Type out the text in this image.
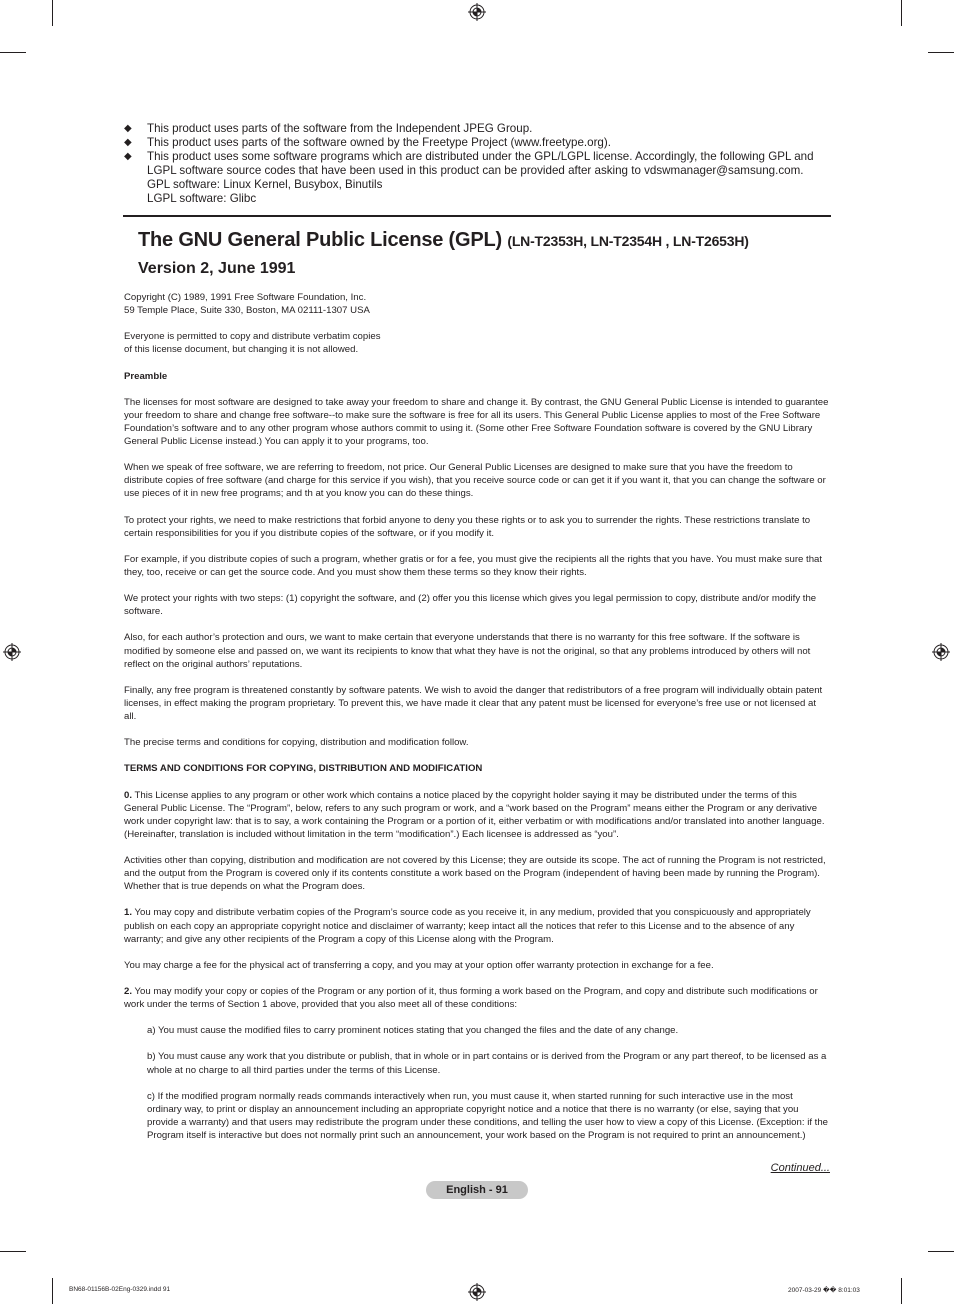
◆ This product uses parts of the software from the Independent JPEG Group.
◆ This product uses parts of the software owned by the Freetype Project (www.freetype.org).
◆ This product uses some software programs which are distributed under the GPL/LGPL license. Accordingly, the following GPL and
LGPL software source codes that have been used in this product can be provided after asking to vdswmanager@samsung.com.
GPL software: Linux Kernel, Busybox, Binutils
LGPL software: Glibc
The GNU General Public License (GPL) (LN-T2353H, LN-T2354H , LN-T2653H)
Version 2, June 1991

Copyright (C) 1989, 1991 Free Software Foundation, Inc.
59 Temple Place, Suite 330, Boston, MA 02111-1307 USA

Everyone is permitted to copy and distribute verbatim copies
of this license document, but changing it is not allowed.

Preamble

The licenses for most software are designed to take away your freedom to share and change it. By contrast, the GNU General Public License is intended to guarantee your freedom to share and change free software--to make sure the software is free for all its users. This General Public License applies to most of the Free Software Foundation’s software and to any other program whose authors commit to using it. (Some other Free Software Foundation software is covered by the GNU Library General Public License instead.) You can apply it to your programs, too.

When we speak of free software, we are referring to freedom, not price. Our General Public Licenses are designed to make sure that you have the freedom to distribute copies of free software (and charge for this service if you wish), that you receive source code or can get it if you want it, that you can change the software or use pieces of it in new free programs; and th at you know you can do these things.

To protect your rights, we need to make restrictions that forbid anyone to deny you these rights or to ask you to surrender the rights. These restrictions translate to certain responsibilities for you if you distribute copies of the software, or if you modify it.

For example, if you distribute copies of such a program, whether gratis or for a fee, you must give the recipients all the rights that you have. You must make sure that they, too, receive or can get the source code. And you must show them these terms so they know their rights.

We protect your rights with two steps: (1) copyright the software, and (2) offer you this license which gives you legal permission to copy, distribute and/or modify the software.

Also, for each author’s protection and ours, we want to make certain that everyone understands that there is no warranty for this free software. If the software is modified by someone else and passed on, we want its recipients to know that what they have is not the original, so that any problems introduced by others will not reflect on the original authors’ reputations.

Finally, any free program is threatened constantly by software patents. We wish to avoid the danger that redistributors of a free program will individually obtain patent licenses, in effect making the program proprietary. To prevent this, we have made it clear that any patent must be licensed for everyone’s free use or not licensed at all.

The precise terms and conditions for copying, distribution and modification follow.

TERMS AND CONDITIONS FOR COPYING, DISTRIBUTION AND MODIFICATION

0. This License applies to any program or other work which contains a notice placed by the copyright holder saying it may be distributed under the terms of this General Public License. The “Program”, below, refers to any such program or work, and a “work based on the Program” means either the Program or any derivative work under copyright law: that is to say, a work containing the Program or a portion of it, either verbatim or with modifications and/or translated into another language. (Hereinafter, translation is included without limitation in the term “modification”.) Each licensee is addressed as “you”.

Activities other than copying, distribution and modification are not covered by this License; they are outside its scope. The act of running the Program is not restricted, and the output from the Program is covered only if its contents constitute a work based on the Program (independent of having been made by running the Program). Whether that is true depends on what the Program does.

1. You may copy and distribute verbatim copies of the Program’s source code as you receive it, in any medium, provided that you conspicuously and appropriately publish on each copy an appropriate copyright notice and disclaimer of warranty; keep intact all the notices that refer to this License and to the absence of any warranty; and give any other recipients of the Program a copy of this License along with the Program.

You may charge a fee for the physical act of transferring a copy, and you may at your option offer warranty protection in exchange for a fee.

2. You may modify your copy or copies of the Program or any portion of it, thus forming a work based on the Program, and copy and distribute such modifications or work under the terms of Section 1 above, provided that you also meet all of these conditions:

a) You must cause the modified files to carry prominent notices stating that you changed the files and the date of any change.

b) You must cause any work that you distribute or publish, that in whole or in part contains or is derived from the Program or any part thereof, to be licensed as a whole at no charge to all third parties under the terms of this License.

c) If the modified program normally reads commands interactively when run, you must cause it, when started running for such interactive use in the most ordinary way, to print or display an announcement including an appropriate copyright notice and a notice that there is no warranty (or else, saying that you provide a warranty) and that users may redistribute the program under these conditions, and telling the user how to view a copy of this License. (Exception: if the Program itself is interactive but does not normally print such an announcement, your work based on the Program is not required to print an announcement.)

Continued...
English - 91
BN68-01156B-02Eng-0329.indd 91	2007-03-29 �� 8:01:03
